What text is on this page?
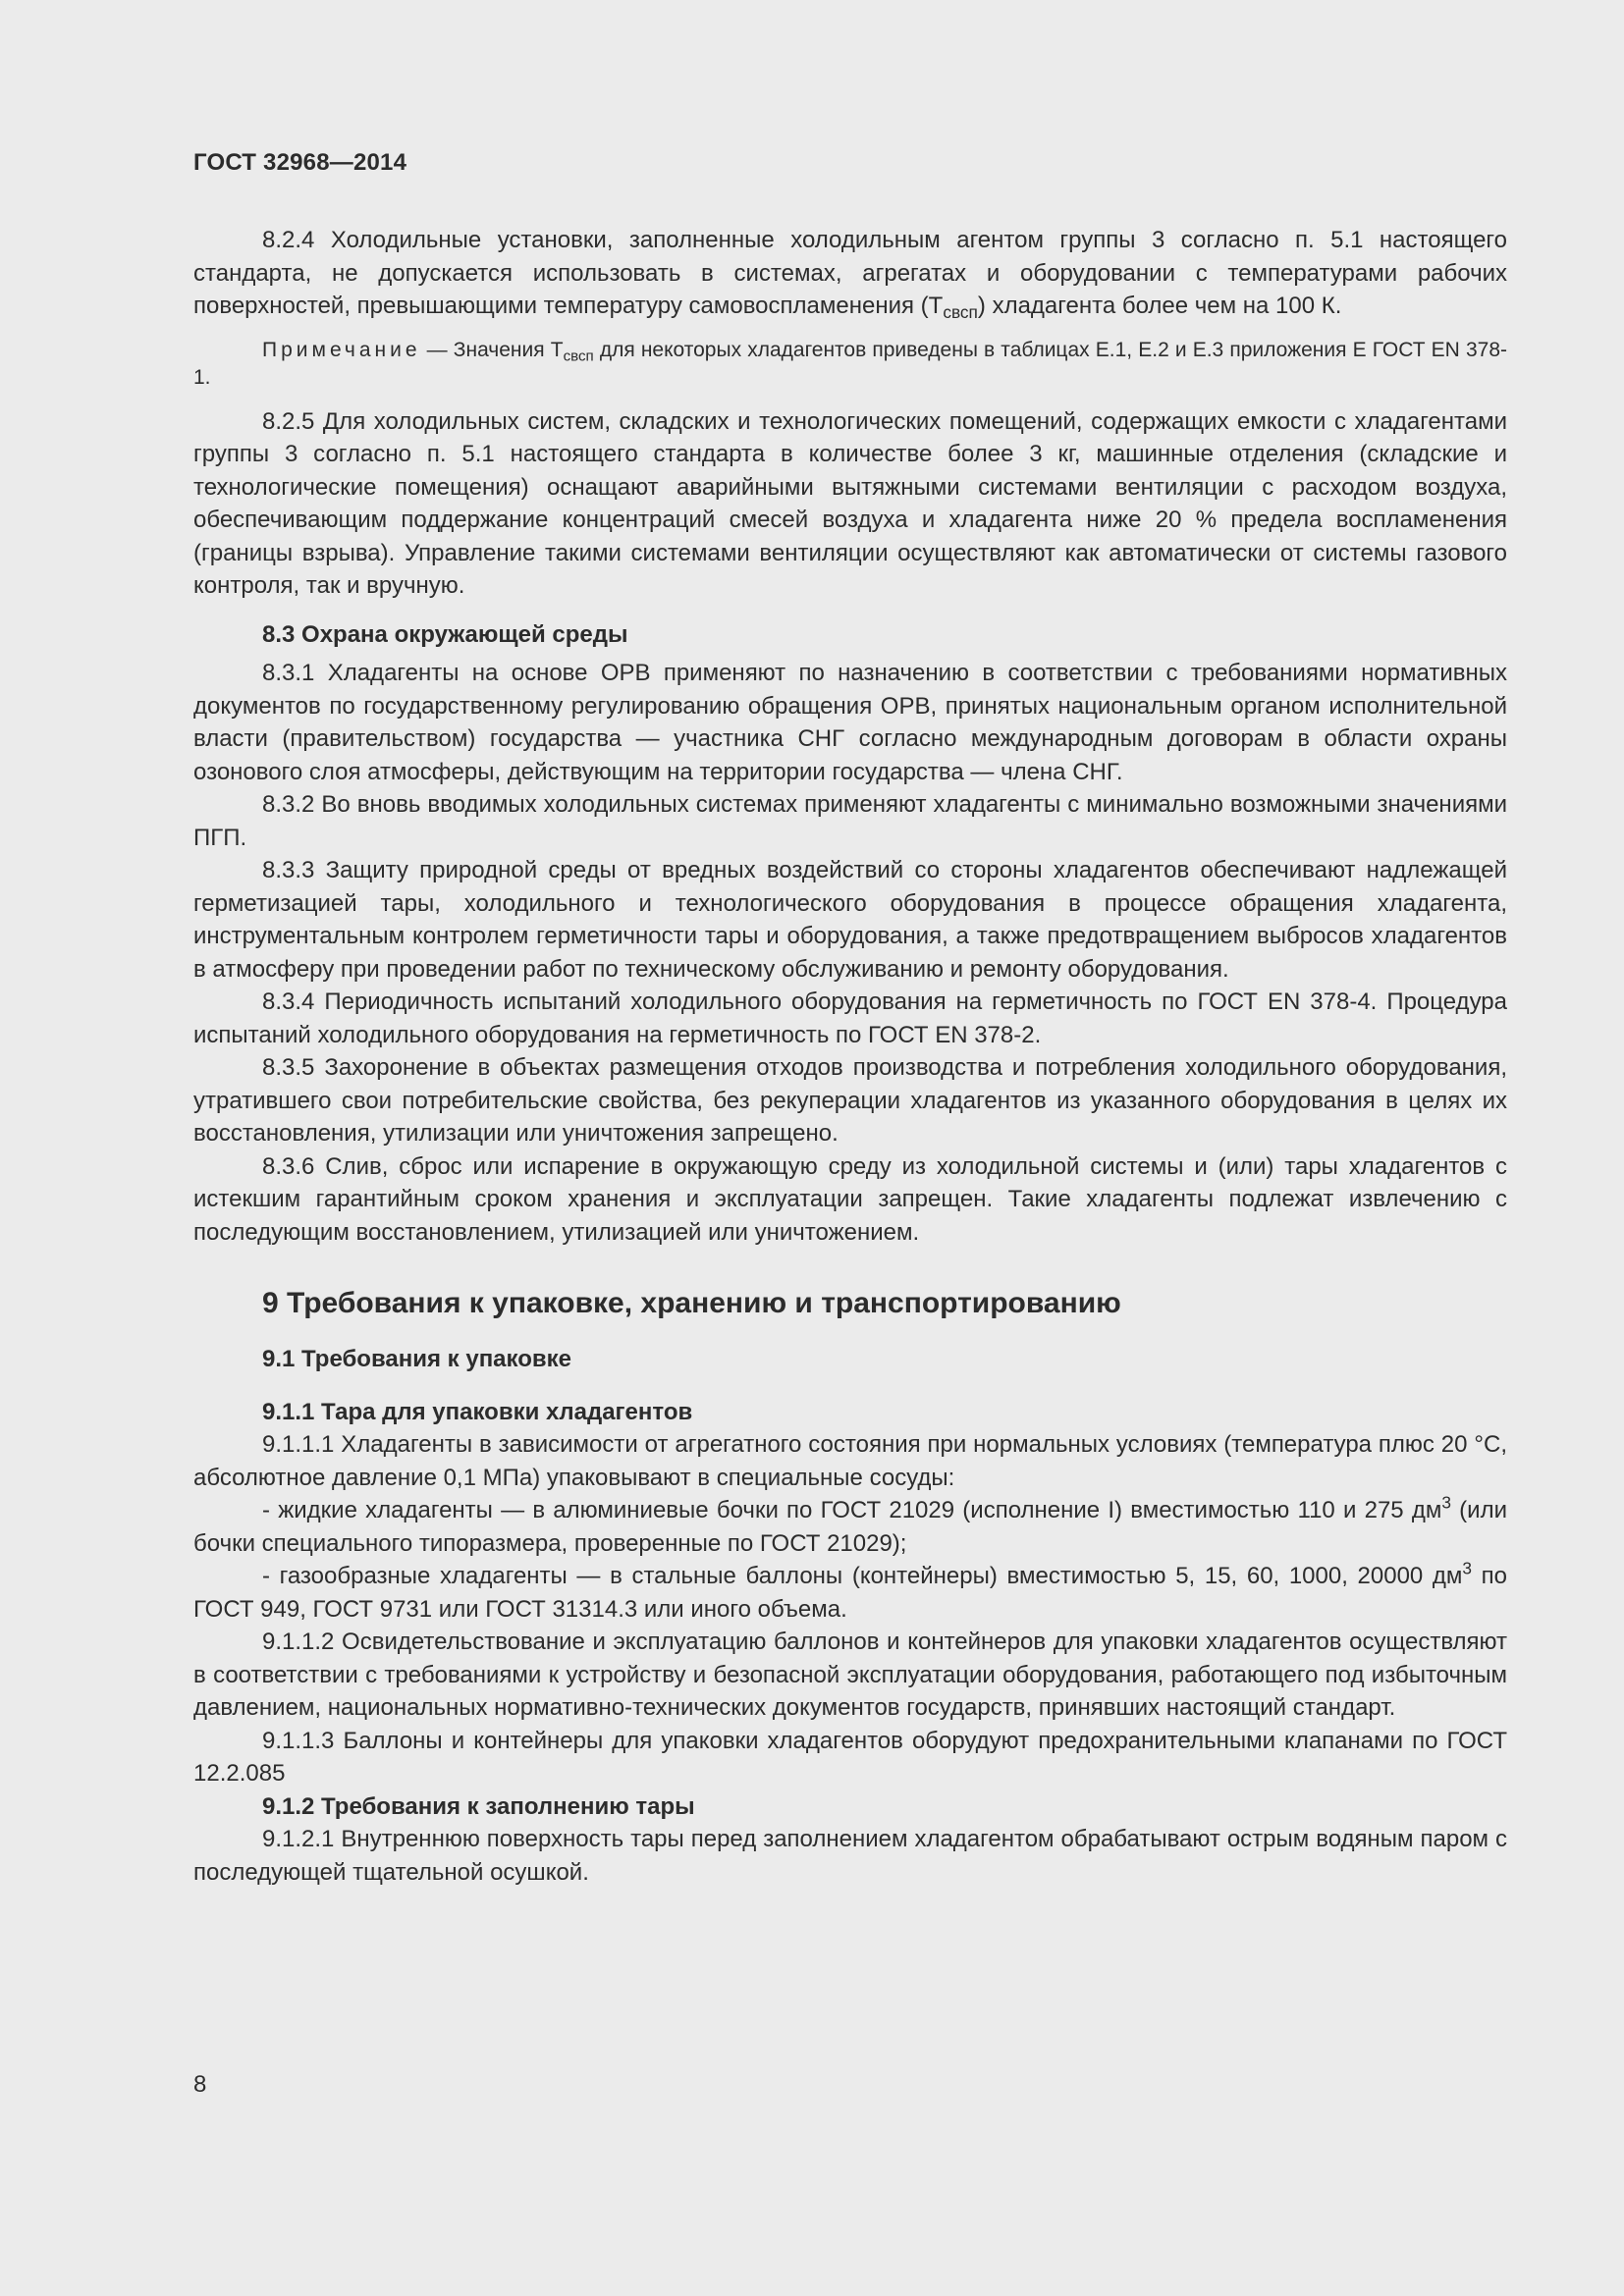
ГОСТ 32968—2014

8.2.4 Холодильные установки, заполненные холодильным агентом группы 3 согласно п. 5.1 настоящего стандарта, не допускается использовать в системах, агрегатах и оборудовании с температурами рабочих поверхностей, превышающими температуру самовоспламенения $(Т_{свсп})$ хладагента более чем на 100 К.

Примечание — Значения $Т_{свсп}$ для некоторых хладагентов приведены в таблицах Е.1, Е.2 и Е.3 приложения Е ГОСТ EN 378-1.

8.2.5 Для холодильных систем, складских и технологических помещений, содержащих емкости с хладагентами группы 3 согласно п. 5.1 настоящего стандарта в количестве более 3 кг, машинные отделения (складские и технологические помещения) оснащают аварийными вытяжными системами вентиляции с расходом воздуха, обеспечивающим поддержание концентраций смесей воздуха и хладагента ниже 20 % предела воспламенения (границы взрыва). Управление такими системами вентиляции осуществляют как автоматически от системы газового контроля, так и вручную.

8.3 Охрана окружающей среды

8.3.1 Хладагенты на основе ОРВ применяют по назначению в соответствии с требованиями нормативных документов по государственному регулированию обращения ОРВ, принятых национальным органом исполнительной власти (правительством) государства — участника СНГ согласно международным договорам в области охраны озонового слоя атмосферы, действующим на территории государства — члена СНГ.

8.3.2 Во вновь вводимых холодильных системах применяют хладагенты с минимально возможными значениями ПГП.

8.3.3 Защиту природной среды от вредных воздействий со стороны хладагентов обеспечивают надлежащей герметизацией тары, холодильного и технологического оборудования в процессе обращения хладагента, инструментальным контролем герметичности тары и оборудования, а также предотвращением выбросов хладагентов в атмосферу при проведении работ по техническому обслуживанию и ремонту оборудования.

8.3.4 Периодичность испытаний холодильного оборудования на герметичность по ГОСТ EN 378-4. Процедура испытаний холодильного оборудования на герметичность по ГОСТ EN 378-2.

8.3.5 Захоронение в объектах размещения отходов производства и потребления холодильного оборудования, утратившего свои потребительские свойства, без рекуперации хладагентов из указанного оборудования в целях их восстановления, утилизации или уничтожения запрещено.

8.3.6 Слив, сброс или испарение в окружающую среду из холодильной системы и (или) тары хладагентов с истекшим гарантийным сроком хранения и эксплуатации запрещен. Такие хладагенты подлежат извлечению с последующим восстановлением, утилизацией или уничтожением.

9 Требования к упаковке, хранению и транспортированию

9.1 Требования к упаковке

9.1.1 Тара для упаковки хладагентов

9.1.1.1 Хладагенты в зависимости от агрегатного состояния при нормальных условиях (температура плюс 20 °С, абсолютное давление 0,1 МПа) упаковывают в специальные сосуды:

- жидкие хладагенты — в алюминиевые бочки по ГОСТ 21029 (исполнение I) вместимостью 110 и 275 $дм^3$ (или бочки специального типоразмера, проверенные по ГОСТ 21029);

- газообразные хладагенты — в стальные баллоны (контейнеры) вместимостью 5, 15, 60, 1000, 20000 $дм^3$ по ГОСТ 949, ГОСТ 9731 или ГОСТ 31314.3 или иного объема.

9.1.1.2 Освидетельствование и эксплуатацию баллонов и контейнеров для упаковки хладагентов осуществляют в соответствии с требованиями к устройству и безопасной эксплуатации оборудования, работающего под избыточным давлением, национальных нормативно-технических документов государств, принявших настоящий стандарт.

9.1.1.3 Баллоны и контейнеры для упаковки хладагентов оборудуют предохранительными клапанами по ГОСТ 12.2.085

9.1.2 Требования к заполнению тары

9.1.2.1 Внутреннюю поверхность тары перед заполнением хладагентом обрабатывают острым водяным паром с последующей тщательной осушкой.

8
